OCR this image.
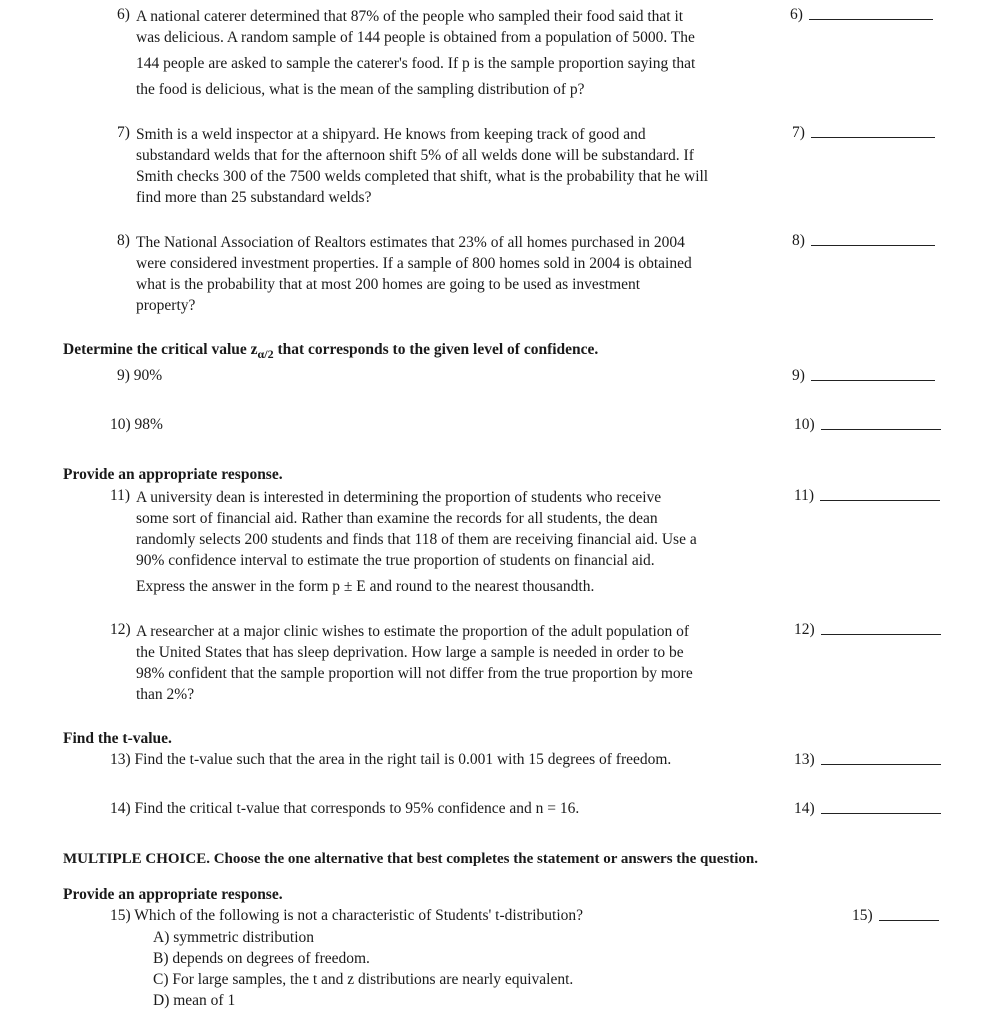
6) A national caterer determined that 87% of the people who sampled their food said that it
was delicious. A random sample of 144 people is obtained from a population of 5000. The
144 people are asked to sample the caterer's food. If p is the sample proportion saying that
the food is delicious, what is the mean of the sampling distribution of p?
6)
7) Smith is a weld inspector at a shipyard. He knows from keeping track of good and
substandard welds that for the afternoon shift 5% of all welds done will be substandard. If
Smith checks 300 of the 7500 welds completed that shift, what is the probability that he will
find more than 25 substandard welds?
7)
8) The National Association of Realtors estimates that 23% of all homes purchased in 2004
were considered investment properties. If a sample of 800 homes sold in 2004 is obtained
what is the probability that at most 200 homes are going to be used as investment
property?
8)
Determine the critical value $z_{\alpha/2}$ that corresponds to the given level of confidence.
9) 90%	9)
10) 98%	10)
Provide an appropriate response.
11) A university dean is interested in determining the proportion of students who receive
some sort of financial aid. Rather than examine the records for all students, the dean
randomly selects 200 students and finds that 118 of them are receiving financial aid. Use a
90% confidence interval to estimate the true proportion of students on financial aid.
Express the answer in the form p ± E and round to the nearest thousandth.
11)
12) A researcher at a major clinic wishes to estimate the proportion of the adult population of
the United States that has sleep deprivation. How large a sample is needed in order to be
98% confident that the sample proportion will not differ from the true proportion by more
than 2%?
12)
Find the t-value.
13) Find the t-value such that the area in the right tail is 0.001 with 15 degrees of freedom.	13)
14) Find the critical t-value that corresponds to 95% confidence and n = 16.	14)
MULTIPLE CHOICE. Choose the one alternative that best completes the statement or answers the question.
Provide an appropriate response.
15) Which of the following is not a characteristic of Students' t-distribution?	15)
A) symmetric distribution
B) depends on degrees of freedom.
C) For large samples, the t and z distributions are nearly equivalent.
D) mean of 1
